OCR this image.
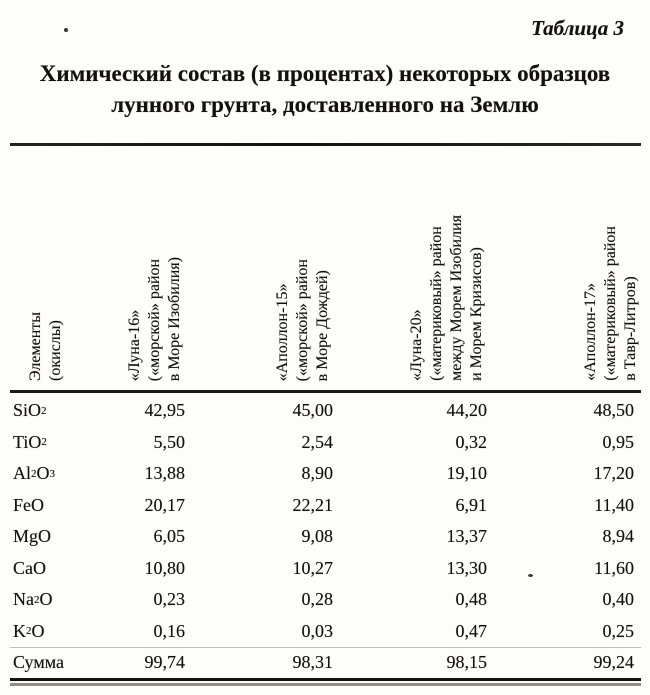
Таблица 3
Химический состав (в процентах) некоторых образцов
лунного грунта, доставленного на Землю
Элементы (окислы)	«Луна-16» («морской» район в Море Изобилия)	«Аполлон-15» («морской» район в Море Дождей)	«Луна-20» («материковый» район между Морем Изобилия и Морем Кризисов)	«Аполлон-17» («материковый» район в Тавр-Литров)
SiO 2	42,95	45,00	44,20	48,50
TiO 2	5,50	2,54	0,32	0,95
Al 2 O 3	13,88	8,90	19,10	17,20
FeO	20,17	22,21	6,91	11,40
MgO	6,05	9,08	13,37	8,94
CaO	10,80	10,27	13,30	11,60
Na 2 O	0,23	0,28	0,48	0,40
K 2 O	0,16	0,03	0,47	0,25
Сумма	99,74	98,31	98,15	99,24
